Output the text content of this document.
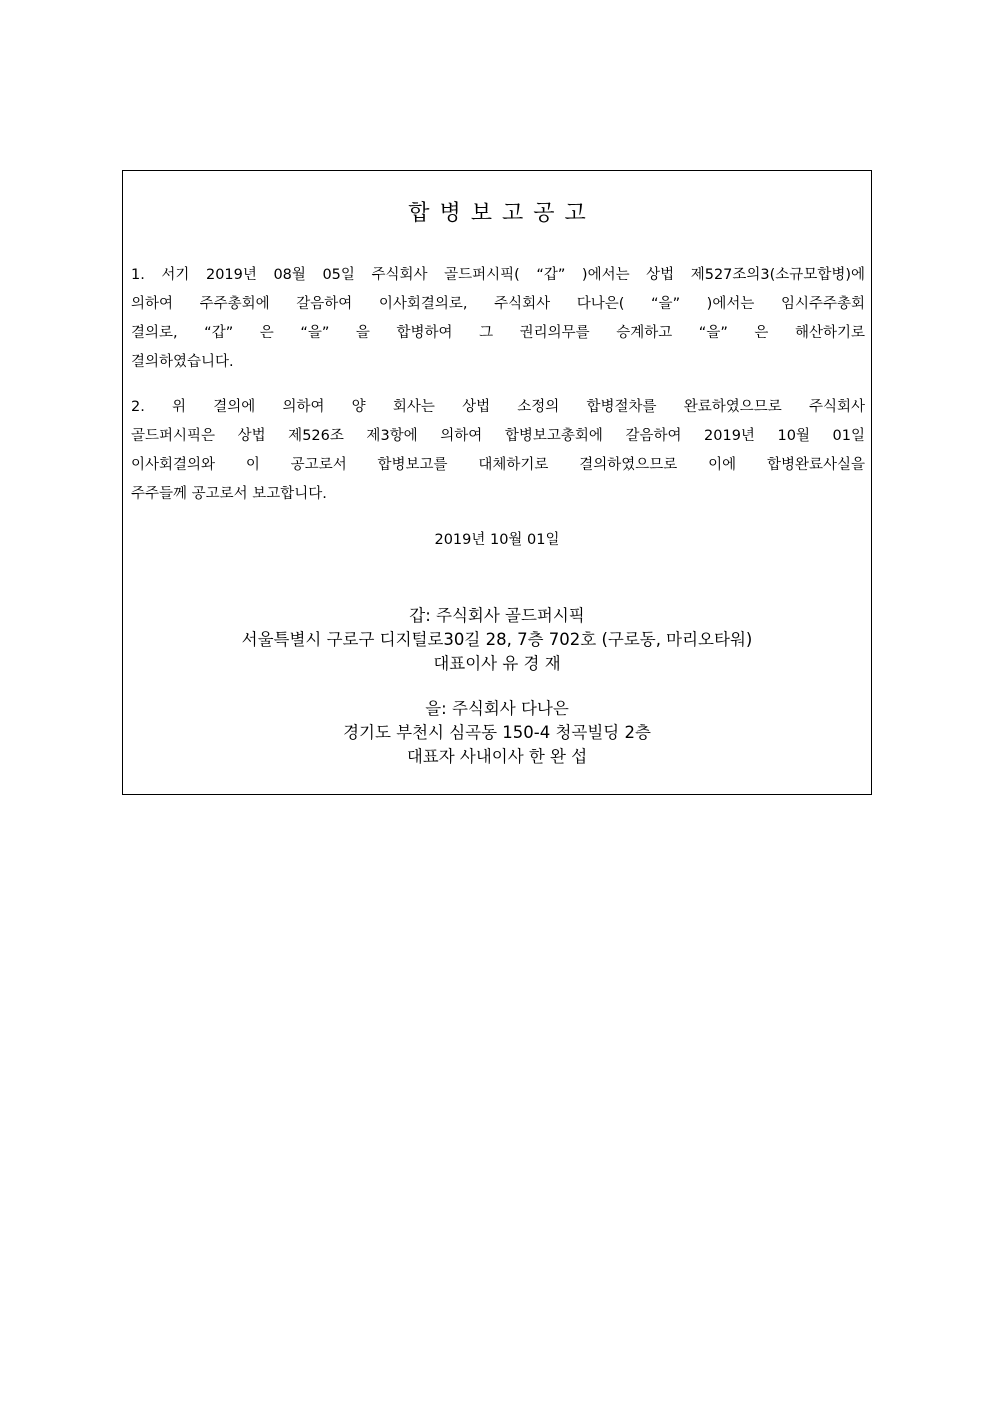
합병보고공고
1. 서기 2019년 08월 05일 주식회사 골드퍼시픽( “갑” )에서는 상법 제527조의3(소규모합병)에
의하여 주주총회에 갈음하여 이사회결의로, 주식회사 다나은( “을” )에서는 임시주주총회
결의로, “갑” 은 “을” 을 합병하여 그 권리의무를 승계하고 “을” 은 해산하기로
결의하였습니다.
2. 위 결의에 의하여 양 회사는 상법 소정의 합병절차를 완료하였으므로 주식회사
골드퍼시픽은 상법 제526조 제3항에 의하여 합병보고총회에 갈음하여 2019년 10월 01일
이사회결의와 이 공고로서 합병보고를 대체하기로 결의하였으므로 이에 합병완료사실을
주주들께 공고로서 보고합니다.
2019년 10월 01일
갑: 주식회사 골드퍼시픽
서울특별시 구로구 디지털로30길 28, 7층 702호 (구로동, 마리오타워)
대표이사 유 경 재
을: 주식회사 다나은
경기도 부천시 심곡동 150-4 청곡빌딩 2층
대표자 사내이사 한 완 섭
